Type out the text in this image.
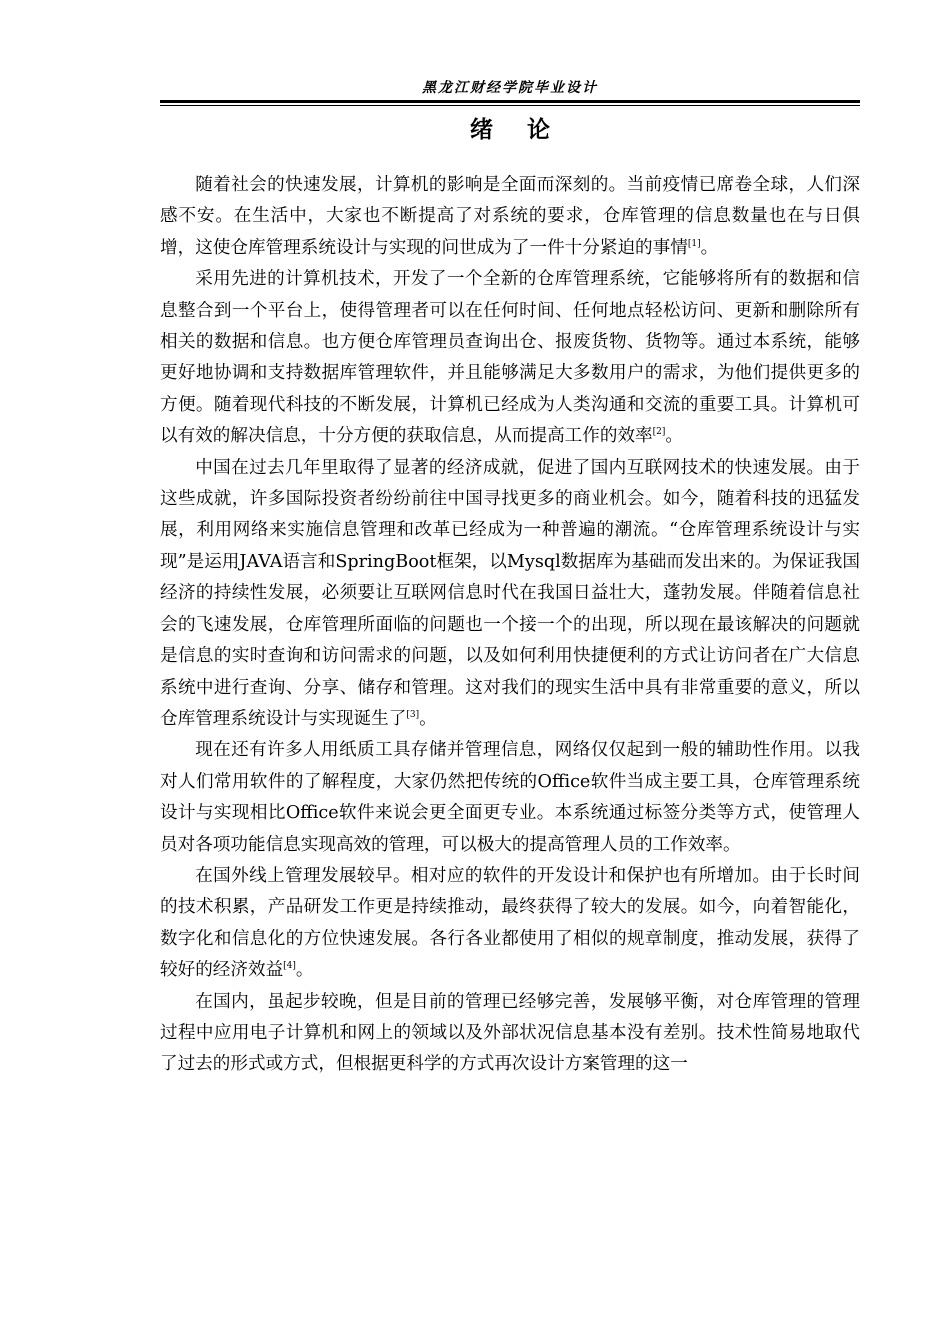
黑龙江财经学院毕业设计
绪论

随着社会的快速发展，计算机的影响是全面而深刻的。当前疫情已席卷全球，人们深感不安。在生活中，大家也不断提高了对系统的要求，仓库管理的信息数量也在与日俱增，这使仓库管理系统设计与实现的问世成为了一件十分紧迫的事情[1]。

采用先进的计算机技术，开发了一个全新的仓库管理系统，它能够将所有的数据和信息整合到一个平台上，使得管理者可以在任何时间、任何地点轻松访问、更新和删除所有相关的数据和信息。也方便仓库管理员查询出仓、报废货物、货物等。通过本系统，能够更好地协调和支持数据库管理软件，并且能够满足大多数用户的需求，为他们提供更多的方便。随着现代科技的不断发展，计算机已经成为人类沟通和交流的重要工具。计算机可以有效的解决信息，十分方便的获取信息，从而提高工作的效率[2]。

中国在过去几年里取得了显著的经济成就，促进了国内互联网技术的快速发展。由于这些成就，许多国际投资者纷纷前往中国寻找更多的商业机会。如今，随着科技的迅猛发展，利用网络来实施信息管理和改革已经成为一种普遍的潮流。“仓库管理系统设计与实现”是运用JAVA语言和SpringBoot框架，以Mysql数据库为基础而发出来的。为保证我国经济的持续性发展，必须要让互联网信息时代在我国日益壮大，蓬勃发展。伴随着信息社会的飞速发展，仓库管理所面临的问题也一个接一个的出现，所以现在最该解决的问题就是信息的实时查询和访问需求的问题，以及如何利用快捷便利的方式让访问者在广大信息系统中进行查询、分享、储存和管理。这对我们的现实生活中具有非常重要的意义，所以仓库管理系统设计与实现诞生了[3]。

现在还有许多人用纸质工具存储并管理信息，网络仅仅起到一般的辅助性作用。以我对人们常用软件的了解程度，大家仍然把传统的Office软件当成主要工具，仓库管理系统设计与实现相比Office软件来说会更全面更专业。本系统通过标签分类等方式，使管理人员对各项功能信息实现高效的管理，可以极大的提高管理人员的工作效率。

在国外线上管理发展较早。相对应的软件的开发设计和保护也有所增加。由于长时间的技术积累，产品研发工作更是持续推动，最终获得了较大的发展。如今，向着智能化，数字化和信息化的方位快速发展。各行各业都使用了相似的规章制度，推动发展，获得了较好的经济效益[4]。

在国内，虽起步较晚，但是目前的管理已经够完善，发展够平衡，对仓库管理的管理过程中应用电子计算机和网上的领域以及外部状况信息基本没有差别。技术性简易地取代了过去的形式或方式，但根据更科学的方式再次设计方案管理的这一
